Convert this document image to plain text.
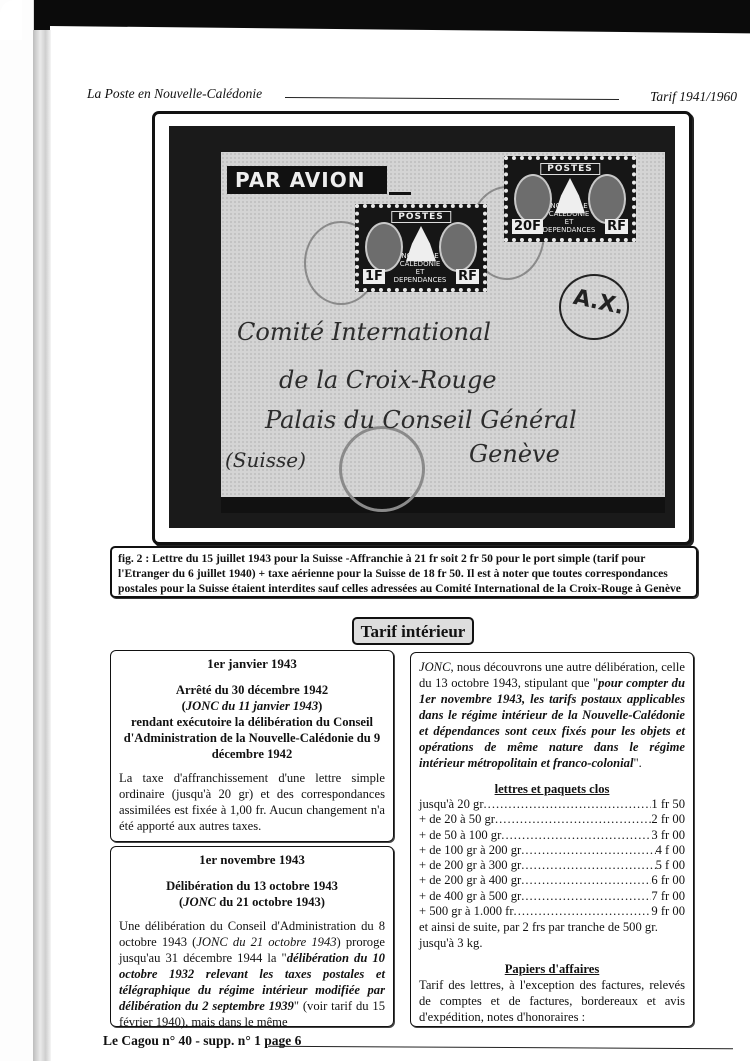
La Poste en Nouvelle-Calédonie	Tarif 1941/1960
PAR AVION
A.X.
POSTES
1F
NOUVELLE CALEDONIE
ET DEPENDANCES RF
POSTES
20F
NOUVELLE CALEDONIE
ET DEPENDANCES RF
Comité International
de la Croix-Rouge
Palais du Conseil Général
Genève
(Suisse)
fig. 2 : Lettre du 15 juillet 1943 pour la Suisse -Affranchie à 21 fr soit 2 fr 50 pour le port simple (tarif pour l'Etranger du 6 juillet 1940) + taxe aérienne pour la Suisse de 18 fr 50. Il est à noter que toutes correspondances postales pour la Suisse étaient interdites sauf celles adressées au Comité International de la Croix-Rouge à Genève
Tarif intérieur
1er janvier 1943
Arrêté du 30 décembre 1942
(JONC du 11 janvier 1943)
rendant exécutoire la délibération du Conseil d'Administration de la Nouvelle-Calédonie du 9 décembre 1942

La taxe d'affranchissement d'une lettre simple ordinaire (jusqu'à 20 gr) et des correspondances assimilées est fixée à 1,00 fr. Aucun changement n'a été apporté aux autres taxes.

1er novembre 1943
Délibération du 13 octobre 1943
(JONC du 21 octobre 1943)

Une délibération du Conseil d'Administration du 8 octobre 1943 (JONC du 21 octobre 1943) proroge jusqu'au 31 décembre 1944 la "délibération du 10 octobre 1932 relevant les taxes postales et télégraphique du régime intérieur modifiée par délibération du 2 septembre 1939" (voir tarif du 15 février 1940), mais dans le même

JONC, nous découvrons une autre délibération, celle du 13 octobre 1943, stipulant que "pour compter du 1er novembre 1943, les tarifs postaux applicables dans le régime intérieur de la Nouvelle-Calédonie et dépendances sont ceux fixés pour les objets et opérations de même nature dans le régime intérieur métropolitain et franco-colonial".

lettres et paquets clos
jusqu'à 20 gr .....	1 fr 50
+ de 20 à 50 gr .....	2 fr 00
+ de 50 à 100 gr .....	3 fr 00
+ de 100 gr à 200 gr .....	4 f 00
+ de 200 gr à 300 gr .....	5 f 00
+ de 200 gr à 400 gr .....	6 fr 00
+ de 400 gr à 500 gr .....	7 fr 00
+ 500 gr à 1.000 fr .....	9 fr 00
et ainsi de suite, par 2 frs par tranche de 500 gr.
jusqu'à 3 kg.
Papiers d'affaires

Tarif des lettres, à l'exception des factures, relevés de comptes et de factures, bordereaux et avis d'expédition, notes d'honoraires :

Le Cagou n° 40 - supp. n° 1 page 6
